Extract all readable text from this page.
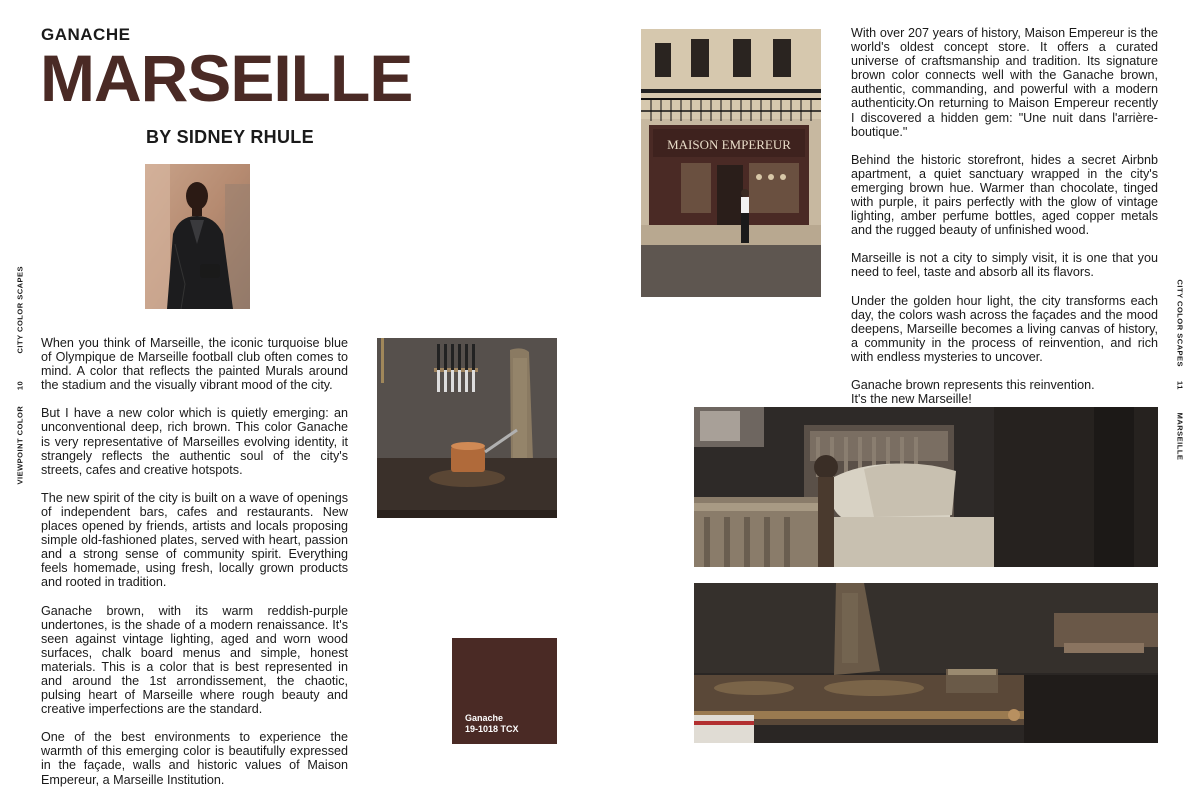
GANACHE
MARSEILLE
BY SIDNEY RHULE
Ganache
19-1018 TCX
MAISON EMPEREUR

When you think of Marseille, the iconic turquoise blue of Olympique de Marseille football club often comes to mind. A color that reflects the painted Murals around the stadium and the visually vibrant mood of the city.

But I have a new color which is quietly emerging: an unconventional deep, rich brown. This color Ganache is very representative of Marseilles evolving identity, it strangely reflects the authentic soul of the city's streets, cafes and creative hotspots.

The new spirit of the city is built on a wave of openings of independent bars, cafes and restaurants. New places opened by friends, artists and locals proposing simple old-fashioned plates, served with heart, passion and a strong sense of community spirit. Everything feels homemade, using fresh, locally grown products and rooted in tradition.

Ganache brown, with its warm reddish-purple undertones, is the shade of a modern renaissance. It's seen against vintage lighting, aged and worn wood surfaces, chalk board menus and simple, honest materials. This is a color that is best represented in and around the 1st arrondissement, the chaotic, pulsing heart of Marseille where rough beauty and creative imperfections are the standard.

One of the best environments to experience the warmth of this emerging color is beautifully expressed in the façade, walls and historic values of Maison Empereur, a Marseille Institution.

With over 207 years of history, Maison Empereur is the world's oldest concept store. It offers a curated universe of craftsmanship and tradition. Its signature brown color connects well with the Ganache brown, authentic, commanding, and powerful with a modern authenticity.On returning to Maison Empereur recently I discovered a hidden gem: "Une nuit dans l'arrière-boutique."

Behind the historic storefront, hides a secret Airbnb apartment, a quiet sanctuary wrapped in the city's emerging brown hue. Warmer than chocolate, tinged with purple, it pairs perfectly with the glow of vintage lighting, amber perfume bottles, aged copper metals and the rugged beauty of unfinished wood.

Marseille is not a city to simply visit, it is one that you need to feel, taste and absorb all its flavors.

Under the golden hour light, the city transforms each day, the colors wash across the façades and the mood deepens, Marseille becomes a living canvas of history, a community in the process of reinvention, and rich with endless mysteries to uncover.

Ganache brown represents this reinvention.
It's the new Marseille!

CITY COLOR SCAPES
10
VIEWPOINT COLOR
CITY COLOR SCAPES
11
MARSEILLE
